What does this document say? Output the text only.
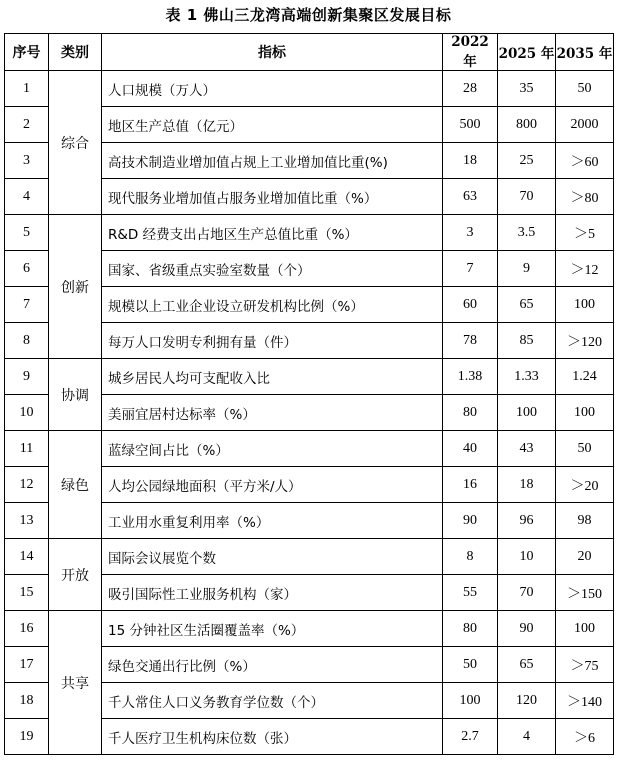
表 1 佛山三龙湾高端创新集聚区发展目标
序号	类别	指标	2022 年	2025 年	2035 年
1	综合	人口规模（万人）	28	35	50
2		地区生产总值（亿元）	500	800	2000
3		高技术制造业增加值占规上工业增加值比重(%)	18	25	＞60
4		现代服务业增加值占服务业增加值比重（%）	63	70	＞80
5	创新	R&D 经费支出占地区生产总值比重（%）	3	3.5	＞5
6		国家、省级重点实验室数量（个）	7	9	＞12
7		规模以上工业企业设立研发机构比例（%）	60	65	100
8		每万人口发明专利拥有量（件）	78	85	＞120
9	协调	城乡居民人均可支配收入比	1.38	1.33	1.24
10		美丽宜居村达标率（%）	80	100	100
11	绿色	蓝绿空间占比（%）	40	43	50
12		人均公园绿地面积（平方米/人）	16	18	＞20
13		工业用水重复利用率（%）	90	96	98
14	开放	国际会议展览个数	8	10	20
15		吸引国际性工业服务机构（家）	55	70	＞150
16	共享	15 分钟社区生活圈覆盖率（%）	80	90	100
17		绿色交通出行比例（%）	50	65	＞75
18		千人常住人口义务教育学位数（个）	100	120	＞140
19		千人医疗卫生机构床位数（张）	2.7	4	＞6
